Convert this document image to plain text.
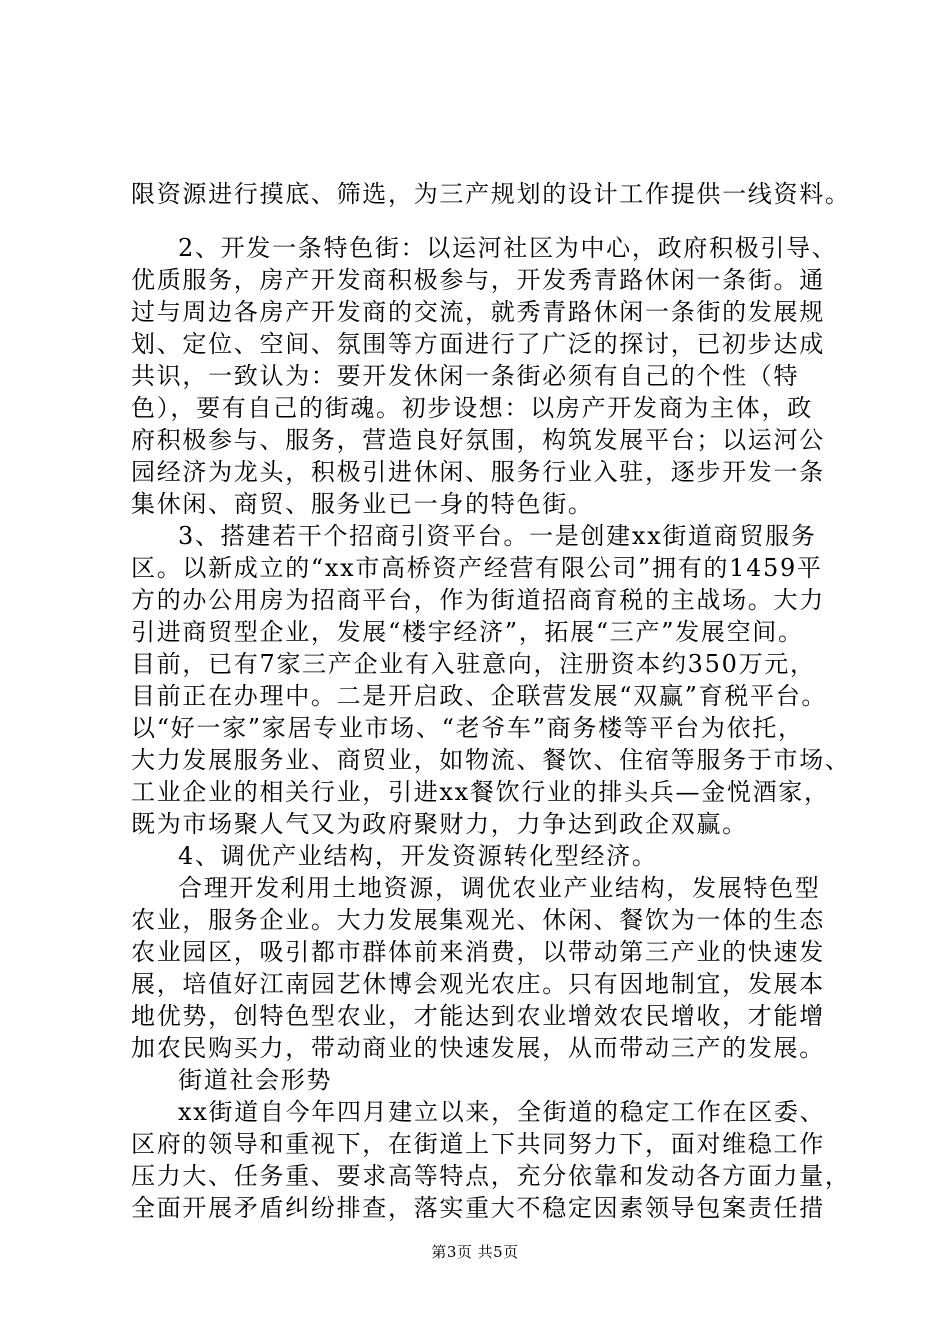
限资源进行摸底、筛选，为三产规划的设计工作提供一线资料。
2、开发一条特色街：以运河社区为中心，政府积极引导、
优质服务，房产开发商积极参与，开发秀青路休闲一条街。通
过与周边各房产开发商的交流，就秀青路休闲一条街的发展规
划、定位、空间、氛围等方面进行了广泛的探讨，已初步达成
共识，一致认为：要开发休闲一条街必须有自己的个性（特
色），要有自己的街魂。初步设想：以房产开发商为主体，政
府积极参与、服务，营造良好氛围，构筑发展平台；以运河公
园经济为龙头，积极引进休闲、服务行业入驻，逐步开发一条
集休闲、商贸、服务业已一身的特色街。
3、搭建若干个招商引资平台。一是创建xx街道商贸服务
区。以新成立的“xx市高桥资产经营有限公司”拥有的1459平
方的办公用房为招商平台，作为街道招商育税的主战场。大力
引进商贸型企业，发展“楼宇经济”，拓展“三产”发展空间。
目前，已有7家三产企业有入驻意向，注册资本约350万元，
目前正在办理中。二是开启政、企联营发展“双赢”育税平台。
以“好一家”家居专业市场、“老爷车”商务楼等平台为依托，
大力发展服务业、商贸业，如物流、餐饮、住宿等服务于市场、
工业企业的相关行业，引进xx餐饮行业的排头兵—金悦酒家，
既为市场聚人气又为政府聚财力，力争达到政企双赢。
4、调优产业结构，开发资源转化型经济。
合理开发利用土地资源，调优农业产业结构，发展特色型
农业，服务企业。大力发展集观光、休闲、餐饮为一体的生态
农业园区，吸引都市群体前来消费，以带动第三产业的快速发
展，培值好江南园艺休博会观光农庄。只有因地制宜，发展本
地优势，创特色型农业，才能达到农业增效农民增收，才能增
加农民购买力，带动商业的快速发展，从而带动三产的发展。
街道社会形势
xx街道自今年四月建立以来，全街道的稳定工作在区委、
区府的领导和重视下，在街道上下共同努力下，面对维稳工作
压力大、任务重、要求高等特点，充分依靠和发动各方面力量，
全面开展矛盾纠纷排查，落实重大不稳定因素领导包案责任措
第3页 共5页
